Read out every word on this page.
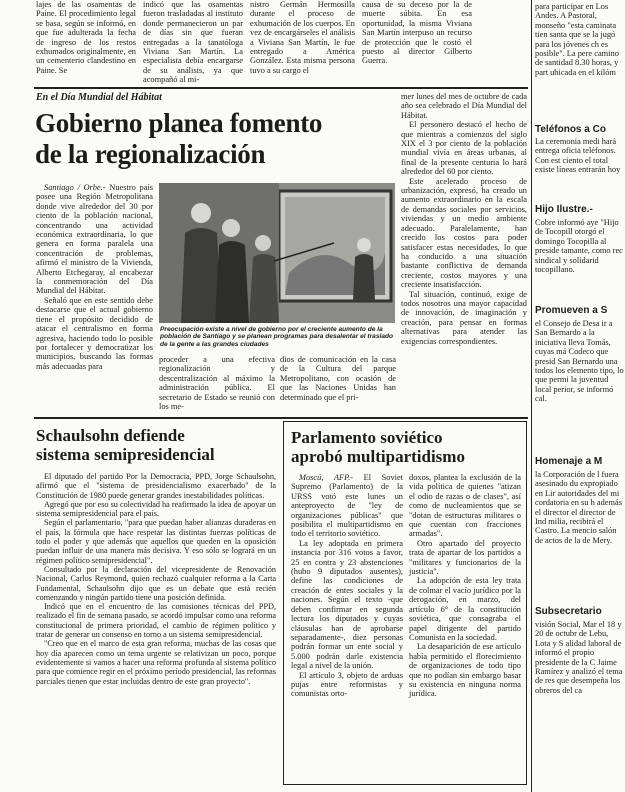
lajes de las osamentas de Paine. El procedimiento legal se basa, según se informó, en que fue adulterada la fecha de ingreso de los restos exhumados originalmente, en un cementerio clandestino en Paine. Se
indicó que las osamentas fueron trasladadas al instituto donde permanecieron un par de días sin que fueran entregadas a la tanatóloga Viviana San Martín. La especialista debía encargarse de su análisis, ya que acompañó al mi-
nistro Germán Hermosilla durante el proceso de exhumación de los cuerpos. En vez de encargárseles el análisis a Viviana San Martín, le fue entregado a América González. Esta misma persona tuvo a su cargo el
causa de su deceso por la de muerte súbita. En esa oportunidad, la misma Viviana San Martín interpuso un recurso de protección que le costó el puesto al director Gilberto Guerra.
En el Día Mundial del Hábitat
Gobierno planea fomento
de la regionalización

Santiago / Orbe.- Nuestro país posee una Región Metropolitana donde vive alrededor del 30 por ciento de la población nacional, concentrando una actividad económica extraordinaria, lo que genera en forma paralela una concentración de problemas, afirmó el ministro de la Vivienda, Alberto Etchegaray, al encabezar la conmemoración del Día Mundial del Hábitat.

Señaló que en este sentido debe destacarse que el actual gobierno tiene el propósito decidido de atacar el centralismo en forma agresiva, haciendo todo lo posible por fortalecer y democratizar los municipios, buscando las formas más adecuadas para

Preocupación existe a nivel de gobierno por el creciente aumento de la población de Santiago y se planean programas para desalentar el traslado de la gente a las grandes ciudades
proceder a una efectiva regionalización y descentralización al máximo la administración pública. El secretario de Estado se reunió con los me-
dios de comunicación en la casa de la Cultura del parque Metropolitano, con ocasión de que las Naciones Unidas han determinado que el pri-

mer lunes del mes de octubre de cada año sea celebrado el Día Mundial del Hábitat.

El personero destacó el hecho de que mientras a comienzos del siglo XIX el 3 por ciento de la población mundial vivía en áreas urbanas, al final de la presente centuria lo hará alrededor del 60 por ciento.

Este acelerado proceso de urbanización, expresó, ha creado un aumento extraordinario en la escala de demandas sociales por servicios, viviendas y un medio ambiente adecuado. Paralelamente, han crecido los costos para poder satisfacer estas necesidades, lo que ha conducido a una situación bastante conflictiva de demanda creciente, costos mayores y una creciente insatisfacción.

Tal situación, continuó, exige de todos nosotros una mayor capacidad de innovación, de imaginación y creación, para pensar en formas alternativas para atender las exigencias correspondientes.

Schaulsohn defiende
sistema semipresidencial

El diputado del partido Por la Democracia, PPD, Jorge Schaulsohn, afirmó que el "sistema de presidencialismo exacerbado" de la Constitución de 1980 puede generar grandes inestabilidades políticas.

Agregó que por eso su colectividad ha reafirmado la idea de apoyar un sistema semipresidencial para el país.

Según el parlamentario, "para que puedan haber alianzas duraderas en el país, la fórmula que hace respetar las distintas fuerzas políticas de todo el poder y que además que aquellos que queden en la oposición puedan influir de una manera más decisiva. Y eso sólo se logrará en un régimen político semipresidencial".

Consultado por la declaración del vicepresidente de Renovación Nacional, Carlos Reymond, quien rechazó cualquier reforma a la Carta Fundamental, Schaulsohn dijo que es un debate que está recién comenzando y ningún partido tiene una posición definida.

Indicó que en el encuentro de las comisiones técnicas del PPD, realizado el fin de semana pasado, se acordó impulsar como una reforma constitucional de primera prioridad, el cambio de régimen político y tratar de generar un consenso en torno a un sistema semipresidencial.

"Creo que en el marco de esta gran reforma, muchas de las cosas que hoy día aparecen como un tema urgente se relativizan un poco, porque evidentemente si vamos a hacer una reforma profunda al sistema político para que comience regir en el próximo período presidencial, las reformas parciales tienen que estar incluidas dentro de este gran proyecto".

Parlamento soviético
aprobó multipartidismo

Moscú, AFP.- El Soviet Supremo (Parlamento) de la URSS votó este lunes un anteproyecto de "ley de organizaciones públicas" que posibilita el multipartidismo en todo el territorio soviético.

La ley adoptada en primera instancia por 316 votos a favor, 25 en contra y 23 abstenciones (hubo 9 diputados ausentes), define las condiciones de creación de entes sociales y la naciones. Según el texto -que deben confirmar en segunda lectura los diputados y cuyas cláusulas han de aprobarse separadamente-, diez personas podrán formar un ente social y 5.000 podrán darle existencia legal a nivel de la unión.

El artículo 3, objeto de arduas pujas entre reformistas y comunistas orto-

doxos, plantea la exclusión de la vida política de quienes "atizan el odio de razas o de clases", así como de nucleamientos que se "dotan de estructuras militares o que cuentan con fracciones armadas".

Otro apartado del proyecto trata de apartar de los partidos a "militares y funcionarios de la justicia".

La adopción de esta ley trata de colmar el vacío jurídico por la derogación, en marzo, del artículo 6° de la constitución soviética, que consagraba el papel dirigente del partido Comunista en la sociedad.

La desaparición de ese artículo había permitido el florecimiento de organizaciones de todo tipo que no podían sin embargo basar su existencia en ninguna norma jurídica.

para participar en Los Andes. A Pastoral, monseño "esta caminata tien santa que se la jugó para los jóvenes ch es posible". La pere camino de santidad 8.30 horas, y part ubicada en el kilóm
Teléfonos a Co
La ceremonia medi hará entrega oficia teléfonos. Con est ciento el total existe líneas entrarán hoy
Hijo Ilustre.-
Cobre informó aye "Hijo de Tocopill otorgó el domingo Tocopilla al preside tamante, como rec sindical y solidarid tocopillano.
Promueven a S
el Consejo de Desa ir a San Bernardo a la iniciativa lleva Tomás, cuyas má Codeco que presid San Bernardo una todos los elemento tipo, lo que permi la juventud local perior, se informó cal.
Homenaje a M
la Corporación de l fuera asesinado du expropiado en Lir autoridades del mi cordatoria en su h además el director el director de Ind milia, recibirá el Castro. La mencio salón de actos de la de Mery.
Subsecretario
visión Social, Mar el 18 y 20 de octubr de Lebu, Lota y S alidad laboral de informó el propio presidente de la C Jaime Ramírez y analizó el tema de res que desempeña los obreros del ca
